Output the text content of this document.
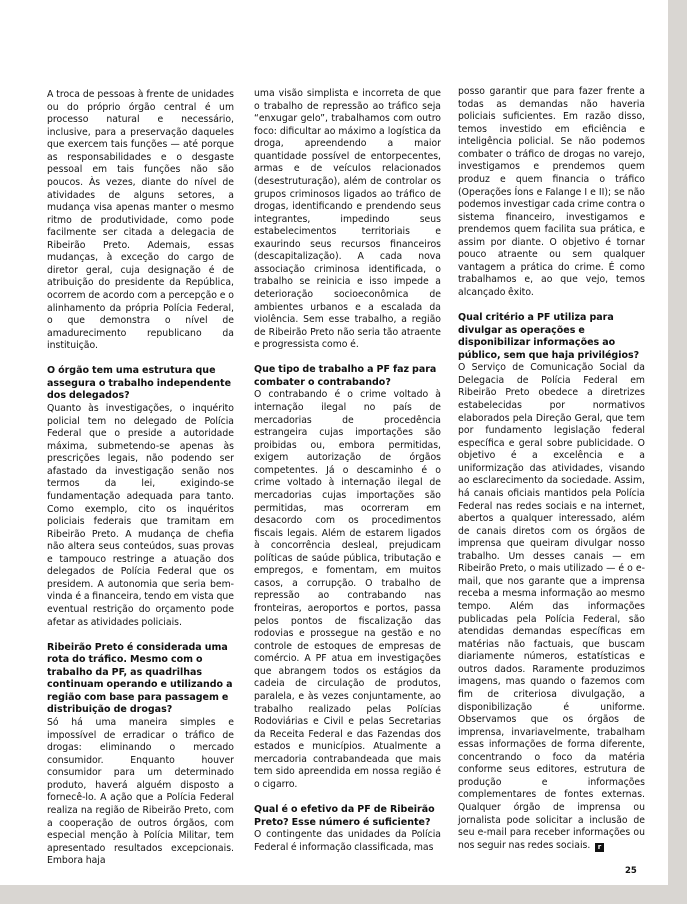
A troca de pessoas à frente de unidades ou do próprio órgão central é um processo natural e necessário, inclusive, para a preservação daqueles que exercem tais funções — até porque as responsabilidades e o desgaste pessoal em tais funções não são poucos. Às vezes, diante do nível de atividades de alguns setores, a mudança visa apenas manter o mesmo ritmo de produtividade, como pode facilmente ser citada a delegacia de Ribeirão Preto. Ademais, essas mudanças, à exceção do cargo de diretor geral, cuja designação é de atribuição do presidente da República, ocorrem de acordo com a percepção e o alinhamento da própria Polícia Federal, o que demonstra o nível de amadurecimento republicano da instituição.

O órgão tem uma estrutura que assegura o trabalho independente dos delegados?

Quanto às investigações, o inquérito policial tem no delegado de Polícia Federal que o preside a autoridade máxima, submetendo-se apenas às prescrições legais, não podendo ser afastado da investigação senão nos termos da lei, exigindo-se fundamentação adequada para tanto. Como exemplo, cito os inquéritos policiais federais que tramitam em Ribeirão Preto. A mudança de chefia não altera seus conteúdos, suas provas e tampouco restringe a atuação dos delegados de Polícia Federal que os presidem. A autonomia que seria bem-vinda é a financeira, tendo em vista que eventual restrição do orçamento pode afetar as atividades policiais.

Ribeirão Preto é considerada uma rota do tráfico. Mesmo com o trabalho da PF, as quadrilhas continuam operando e utilizando a região com base para passagem e distribuição de drogas?

Só há uma maneira simples e impossível de erradicar o tráfico de drogas: eliminando o mercado consumidor. Enquanto houver consumidor para um determinado produto, haverá alguém disposto a fornecê-lo. A ação que a Polícia Federal realiza na região de Ribeirão Preto, com a cooperação de outros órgãos, com especial menção à Polícia Militar, tem apresentado resultados excepcionais. Embora haja

uma visão simplista e incorreta de que o trabalho de repressão ao tráfico seja “enxugar gelo”, trabalhamos com outro foco: dificultar ao máximo a logística da droga, apreendendo a maior quantidade possível de entorpecentes, armas e de veículos relacionados (desestruturação), além de controlar os grupos criminosos ligados ao tráfico de drogas, identificando e prendendo seus integrantes, impedindo seus estabelecimentos territoriais e exaurindo seus recursos financeiros (descapitalização). A cada nova associação criminosa identificada, o trabalho se reinicia e isso impede a deterioração socioeconômica de ambientes urbanos e a escalada da violência. Sem esse trabalho, a região de Ribeirão Preto não seria tão atraente e progressista como é.

Que tipo de trabalho a PF faz para combater o contrabando?

O contrabando é o crime voltado à internação ilegal no país de mercadorias de procedência estrangeira cujas importações são proibidas ou, embora permitidas, exigem autorização de órgãos competentes. Já o descaminho é o crime voltado à internação ilegal de mercadorias cujas importações são permitidas, mas ocorreram em desacordo com os procedimentos fiscais legais. Além de estarem ligados à concorrência desleal, prejudicam políticas de saúde pública, tributação e empregos, e fomentam, em muitos casos, a corrupção. O trabalho de repressão ao contrabando nas fronteiras, aeroportos e portos, passa pelos pontos de fiscalização das rodovias e prossegue na gestão e no controle de estoques de empresas de comércio. A PF atua em investigações que abrangem todos os estágios da cadeia de circulação de produtos, paralela, e às vezes conjuntamente, ao trabalho realizado pelas Polícias Rodoviárias e Civil e pelas Secretarias da Receita Federal e das Fazendas dos estados e municípios. Atualmente a mercadoria contrabandeada que mais tem sido apreendida em nossa região é o cigarro.

Qual é o efetivo da PF de Ribeirão Preto? Esse número é suficiente?

O contingente das unidades da Polícia Federal é informação classificada, mas

posso garantir que para fazer frente a todas as demandas não haveria policiais suficientes. Em razão disso, temos investido em eficiência e inteligência policial. Se não podemos combater o tráfico de drogas no varejo, investigamos e prendemos quem produz e quem financia o tráfico (Operações Íons e Falange I e II); se não podemos investigar cada crime contra o sistema financeiro, investigamos e prendemos quem facilita sua prática, e assim por diante. O objetivo é tornar pouco atraente ou sem qualquer vantagem a prática do crime. É como trabalhamos e, ao que vejo, temos alcançado êxito.

Qual critério a PF utiliza para divulgar as operações e disponibilizar informações ao público, sem que haja privilégios?

O Serviço de Comunicação Social da Delegacia de Polícia Federal em Ribeirão Preto obedece a diretrizes estabelecidas por normativos elaborados pela Direção Geral, que tem por fundamento legislação federal específica e geral sobre publicidade. O objetivo é a excelência e a uniformização das atividades, visando ao esclarecimento da sociedade. Assim, há canais oficiais mantidos pela Polícia Federal nas redes sociais e na internet, abertos a qualquer interessado, além de canais diretos com os órgãos de imprensa que queiram divulgar nosso trabalho. Um desses canais — em Ribeirão Preto, o mais utilizado — é o e-mail, que nos garante que a imprensa receba a mesma informação ao mesmo tempo. Além das informações publicadas pela Polícia Federal, são atendidas demandas específicas em matérias não factuais, que buscam diariamente números, estatísticas e outros dados. Raramente produzimos imagens, mas quando o fazemos com fim de criteriosa divulgação, a disponibilização é uniforme. Observamos que os órgãos de imprensa, invariavelmente, trabalham essas informações de forma diferente, concentrando o foco da matéria conforme seus editores, estrutura de produção e informações complementares de fontes externas. Qualquer órgão de imprensa ou jornalista pode solicitar a inclusão de seu e-mail para receber informações ou nos seguir nas redes sociais. r

25
